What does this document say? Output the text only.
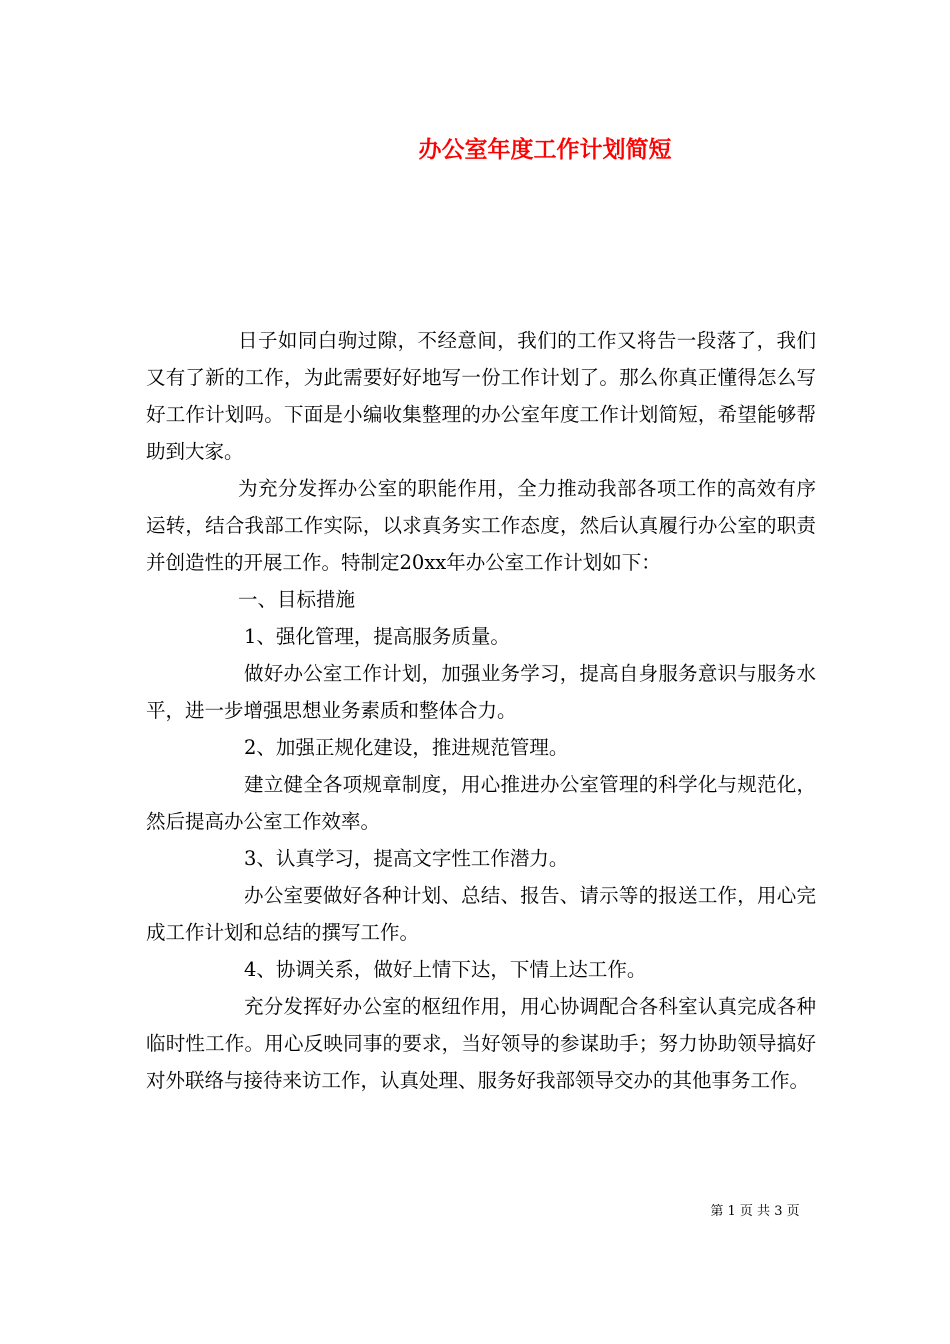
办公室年度工作计划简短

日子如同白驹过隙，不经意间，我们的工作又将告一段落了，我们又有了新的工作，为此需要好好地写一份工作计划了。那么你真正懂得怎么写好工作计划吗。下面是小编收集整理的办公室年度工作计划简短，希望能够帮助到大家。

为充分发挥办公室的职能作用，全力推动我部各项工作的高效有序运转，结合我部工作实际，以求真务实工作态度，然后认真履行办公室的职责并创造性的开展工作。特制定20xx年办公室工作计划如下：

一、目标措施

1、强化管理，提高服务质量。

做好办公室工作计划，加强业务学习，提高自身服务意识与服务水平，进一步增强思想业务素质和整体合力。

2、加强正规化建设，推进规范管理。

建立健全各项规章制度，用心推进办公室管理的科学化与规范化，然后提高办公室工作效率。

3、认真学习，提高文字性工作潜力。

办公室要做好各种计划、总结、报告、请示等的报送工作，用心完成工作计划和总结的撰写工作。

4、协调关系，做好上情下达，下情上达工作。

充分发挥好办公室的枢纽作用，用心协调配合各科室认真完成各种临时性工作。用心反映同事的要求，当好领导的参谋助手；努力协助领导搞好对外联络与接待来访工作，认真处理、服务好我部领导交办的其他事务工作。

第 1 页 共 3 页
